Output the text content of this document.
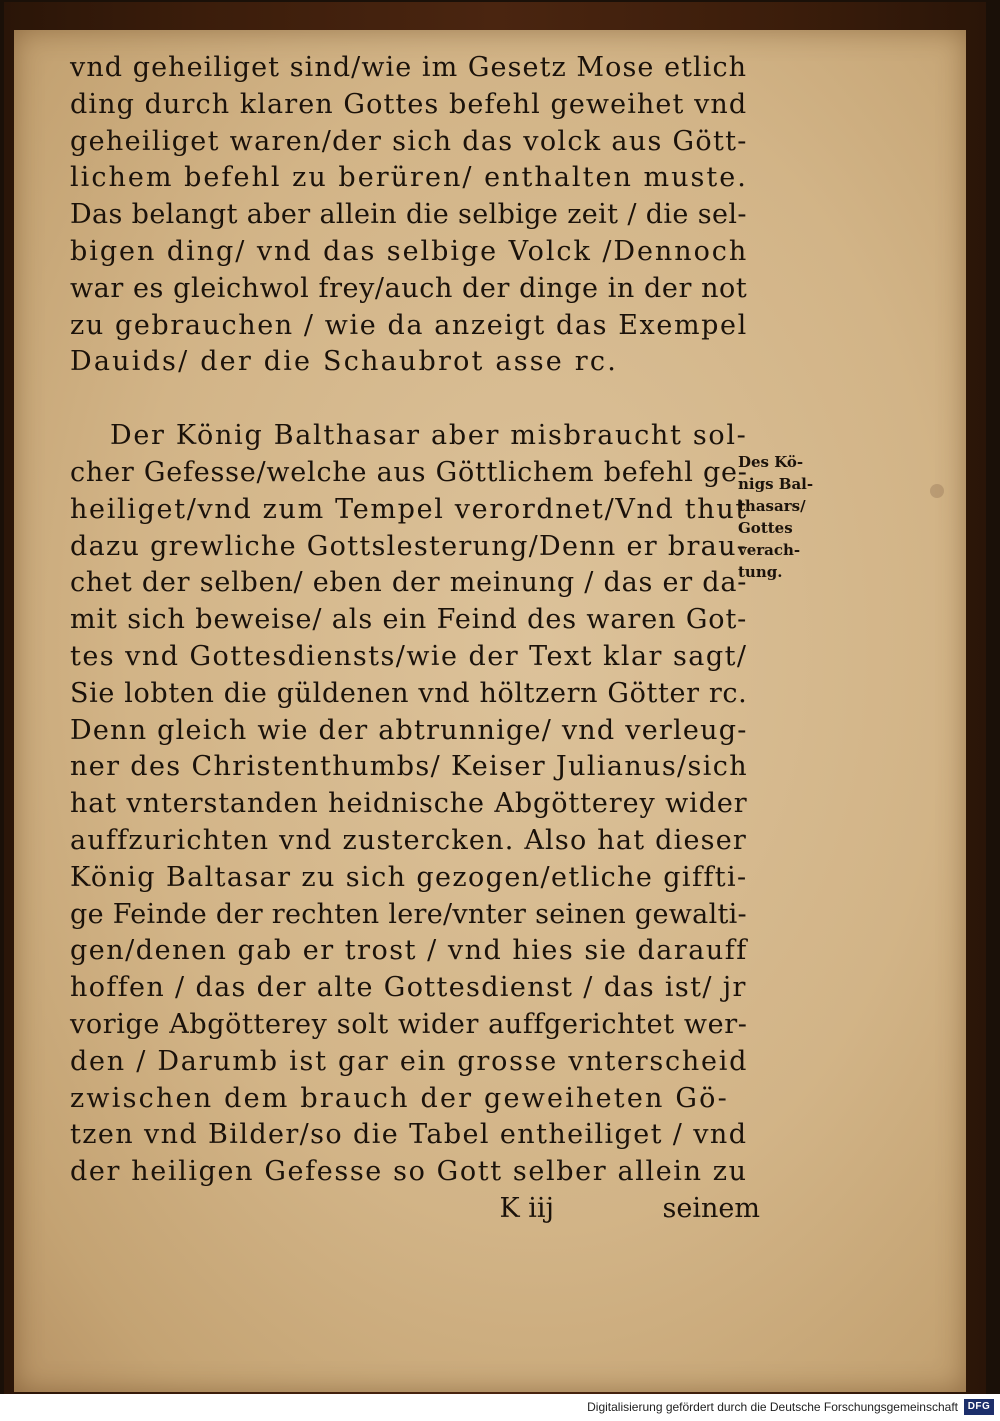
vnd geheiliget sind/wie im Gesetz Mose etlich
ding durch klaren Gottes befehl geweihet vnd
geheiliget waren/der sich das volck aus Gött-
lichem befehl zu berüren/ enthalten muste.
Das belangt aber allein die selbige zeit / die sel-
bigen ding/ vnd das selbige Volck /Dennoch
war es gleichwol frey/auch der dinge in der not
zu gebrauchen / wie da anzeigt das Exempel
Dauids/ der die Schaubrot asse rc.
Der König Balthasar aber misbraucht sol-
cher Gefesse/welche aus Göttlichem befehl ge-
heiliget/vnd zum Tempel verordnet/Vnd thut
dazu grewliche Gottslesterung/Denn er brau-
chet der selben/ eben der meinung / das er da-
mit sich beweise/ als ein Feind des waren Got-
tes vnd Gottesdiensts/wie der Text klar sagt/
Sie lobten die güldenen vnd höltzern Götter rc.
Denn gleich wie der abtrunnige/ vnd verleug-
ner des Christenthumbs/ Keiser Julianus/sich
hat vnterstanden heidnische Abgötterey wider
auffzurichten vnd zustercken. Also hat dieser
König Baltasar zu sich gezogen/etliche giffti-
ge Feinde der rechten lere/vnter seinen gewalti-
gen/denen gab er trost / vnd hies sie darauff
hoffen / das der alte Gottesdienst / das ist/ jr
vorige Abgötterey solt wider auffgerichtet wer-
den / Darumb ist gar ein grosse vnterscheid
zwischen dem brauch der geweiheten Gö-
tzen vnd Bilder/so die Tabel entheiliget / vnd
der heiligen Gefesse so Gott selber allein zu
K iij	seinem
Des Kö-
nigs Bal-
thasars/
Gottes
verach-
tung.
Digitalisierung gefördert durch die Deutsche Forschungsgemeinschaft DFG
